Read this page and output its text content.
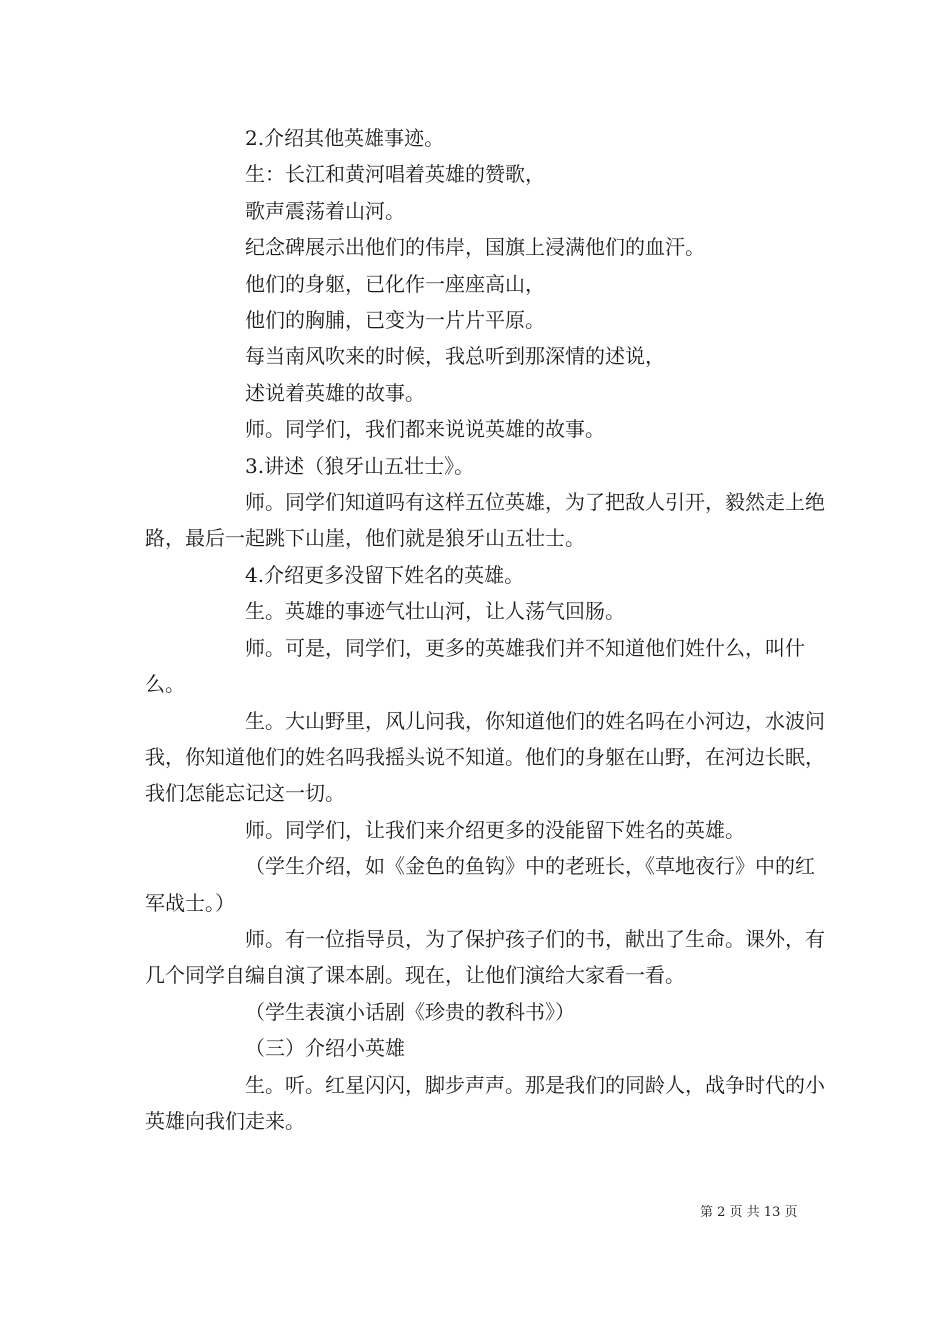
2.介绍其他英雄事迹。

生：长江和黄河唱着英雄的赞歌，

歌声震荡着山河。

纪念碑展示出他们的伟岸，国旗上浸满他们的血汗。

他们的身躯，已化作一座座高山，

他们的胸脯，已变为一片片平原。

每当南风吹来的时候，我总听到那深情的述说，

述说着英雄的故事。

师。同学们，我们都来说说英雄的故事。

3.讲述（狼牙山五壮士》。

师。同学们知道吗有这样五位英雄，为了把敌人引开，毅然走上绝路，最后一起跳下山崖，他们就是狼牙山五壮士。

4.介绍更多没留下姓名的英雄。

生。英雄的事迹气壮山河，让人荡气回肠。

师。可是，同学们，更多的英雄我们并不知道他们姓什么，叫什么。

生。大山野里，风儿问我，你知道他们的姓名吗在小河边，水波问我，你知道他们的姓名吗我摇头说不知道。他们的身躯在山野，在河边长眠，我们怎能忘记这一切。

师。同学们，让我们来介绍更多的没能留下姓名的英雄。

（学生介绍，如《金色的鱼钩》中的老班长，《草地夜行》中的红军战士。）

师。有一位指导员，为了保护孩子们的书，献出了生命。课外，有几个同学自编自演了课本剧。现在，让他们演给大家看一看。

（学生表演小话剧《珍贵的教科书》）

（三）介绍小英雄

生。听。红星闪闪，脚步声声。那是我们的同龄人，战争时代的小英雄向我们走来。

第 2 页 共 13 页
